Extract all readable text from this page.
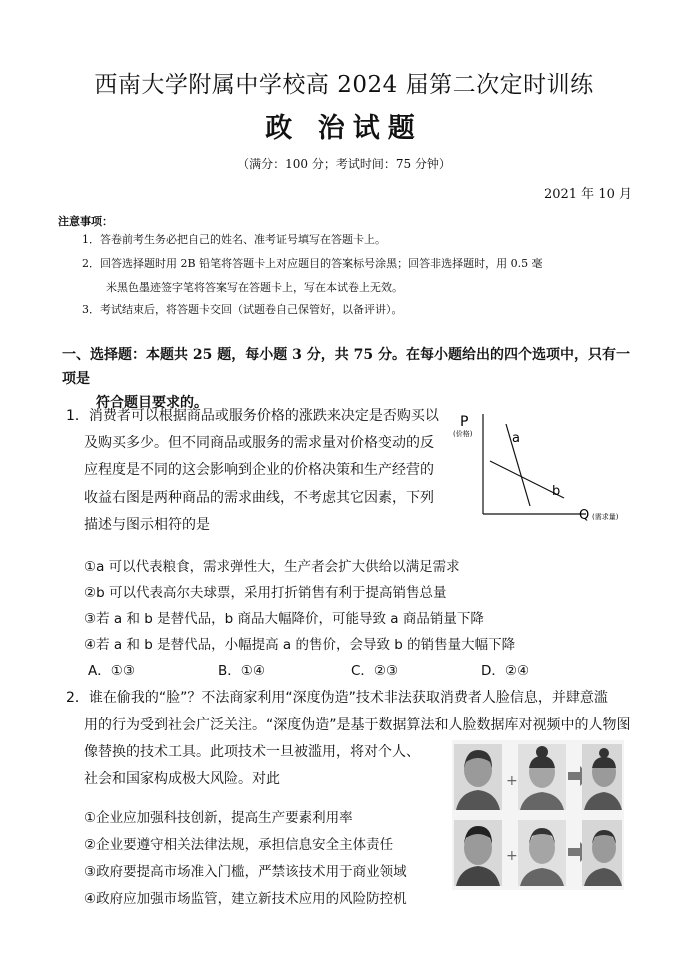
西南大学附属中学校高 2024 届第二次定时训练
政 治试题
（满分：100 分；考试时间：75 分钟）
2021 年 10 月
注意事项：
1．答卷前考生务必把自己的姓名、准考证号填写在答题卡上。
2．回答选择题时用 2B 铅笔将答题卡上对应题目的答案标号涂黑；回答非选择题时，用 0.5 毫
米黑色墨迹签字笔将答案写在答题卡上，写在本试卷上无效。
3．考试结束后，将答题卡交回（试题卷自己保管好，以备评讲）。
一、选择题：本题共 25 题，每小题 3 分，共 75 分。在每小题给出的四个选项中，只有一项是
符合题目要求的。
1．消费者可以根据商品或服务价格的涨跌来决定是否购买以
及购买多少。但不同商品或服务的需求量对价格变动的反
应程度是不同的这会影响到企业的价格决策和生产经营的
收益右图是两种商品的需求曲线，不考虑其它因素，下列
描述与图示相符的是
P
(价格)	a
b
Q (需求量)
①a 可以代表粮食，需求弹性大，生产者会扩大供给以满足需求
②b 可以代表高尔夫球票，采用打折销售有利于提高销售总量
③若 a 和 b 是替代品，b 商品大幅降价，可能导致 a 商品销量下降
④若 a 和 b 是替代品，小幅提高 a 的售价，会导致 b 的销售量大幅下降
A．①③	B．①④	C．②③	D．②④
2．谁在偷我的“脸”？不法商家利用“深度伪造”技术非法获取消费者人脸信息，并肆意滥
用的行为受到社会广泛关注。“深度伪造”是基于数据算法和人脸数据库对视频中的人物图
像替换的技术工具。此项技术一旦被滥用，将对个人、
社会和国家构成极大风险。对此	+
+
①企业应加强科技创新，提高生产要素利用率
②企业要遵守相关法律法规，承担信息安全主体责任
③政府要提高市场准入门槛，严禁该技术用于商业领域
④政府应加强市场监管，建立新技术应用的风险防控机
